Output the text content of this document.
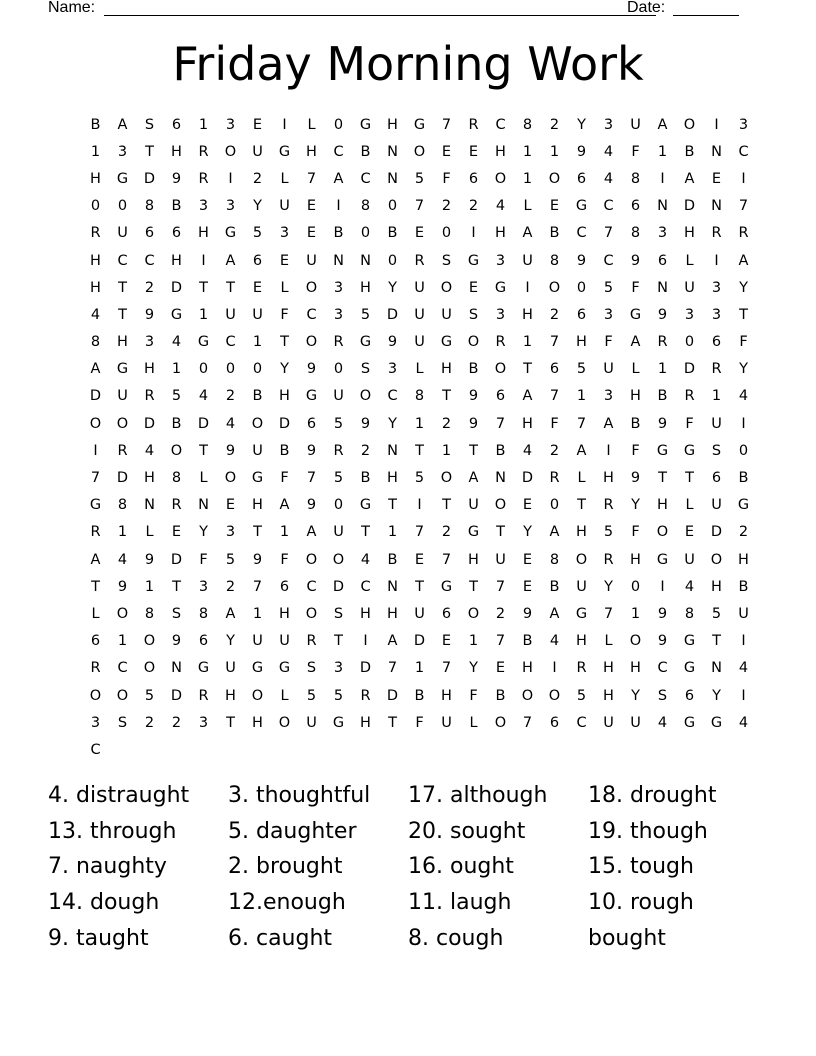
Name:	Date:
Friday Morning Work
B	A	S	6	1	3	E	I	L	0	G	H	G	7	R	C	8	2	Y	3	U	A	O	I	3
1	3	T	H	R	O	U	G	H	C	B	N	O	E	E	H	1	1	9	4	F	1	B	N	C
H	G	D	9	R	I	2	L	7	A	C	N	5	F	6	O	1	O	6	4	8	I	A	E	I
0	0	8	B	3	3	Y	U	E	I	8	0	7	2	2	4	L	E	G	C	6	N	D	N	7
R	U	6	6	H	G	5	3	E	B	0	B	E	0	I	H	A	B	C	7	8	3	H	R	R
H	C	C	H	I	A	6	E	U	N	N	0	R	S	G	3	U	8	9	C	9	6	L	I	A
H	T	2	D	T	T	E	L	O	3	H	Y	U	O	E	G	I	O	0	5	F	N	U	3	Y
4	T	9	G	1	U	U	F	C	3	5	D	U	U	S	3	H	2	6	3	G	9	3	3	T
8	H	3	4	G	C	1	T	O	R	G	9	U	G	O	R	1	7	H	F	A	R	0	6	F
A	G	H	1	0	0	0	Y	9	0	S	3	L	H	B	O	T	6	5	U	L	1	D	R	Y
D	U	R	5	4	2	B	H	G	U	O	C	8	T	9	6	A	7	1	3	H	B	R	1	4
O	O	D	B	D	4	O	D	6	5	9	Y	1	2	9	7	H	F	7	A	B	9	F	U	I
I	R	4	O	T	9	U	B	9	R	2	N	T	1	T	B	4	2	A	I	F	G	G	S	0
7	D	H	8	L	O	G	F	7	5	B	H	5	O	A	N	D	R	L	H	9	T	T	6	B
G	8	N	R	N	E	H	A	9	0	G	T	I	T	U	O	E	0	T	R	Y	H	L	U	G
R	1	L	E	Y	3	T	1	A	U	T	1	7	2	G	T	Y	A	H	5	F	O	E	D	2
A	4	9	D	F	5	9	F	O	O	4	B	E	7	H	U	E	8	O	R	H	G	U	O	H
T	9	1	T	3	2	7	6	C	D	C	N	T	G	T	7	E	B	U	Y	0	I	4	H	B
L	O	8	S	8	A	1	H	O	S	H	H	U	6	O	2	9	A	G	7	1	9	8	5	U
6	1	O	9	6	Y	U	U	R	T	I	A	D	E	1	7	B	4	H	L	O	9	G	T	I
R	C	O	N	G	U	G	G	S	3	D	7	1	7	Y	E	H	I	R	H	H	C	G	N	4
O	O	5	D	R	H	O	L	5	5	R	D	B	H	F	B	O	O	5	H	Y	S	6	Y	I
3	S	2	2	3	T	H	O	U	G	H	T	F	U	L	O	7	6	C	U	U	4	G	G	4
C
4. distraught	3. thoughtful	17. although	18. drought
13. through	5. daughter	20. sought	19. though
7. naughty	2. brought	16. ought	15. tough
14. dough	12.enough	11. laugh	10. rough
9. taught	6. caught	8. cough	bought
